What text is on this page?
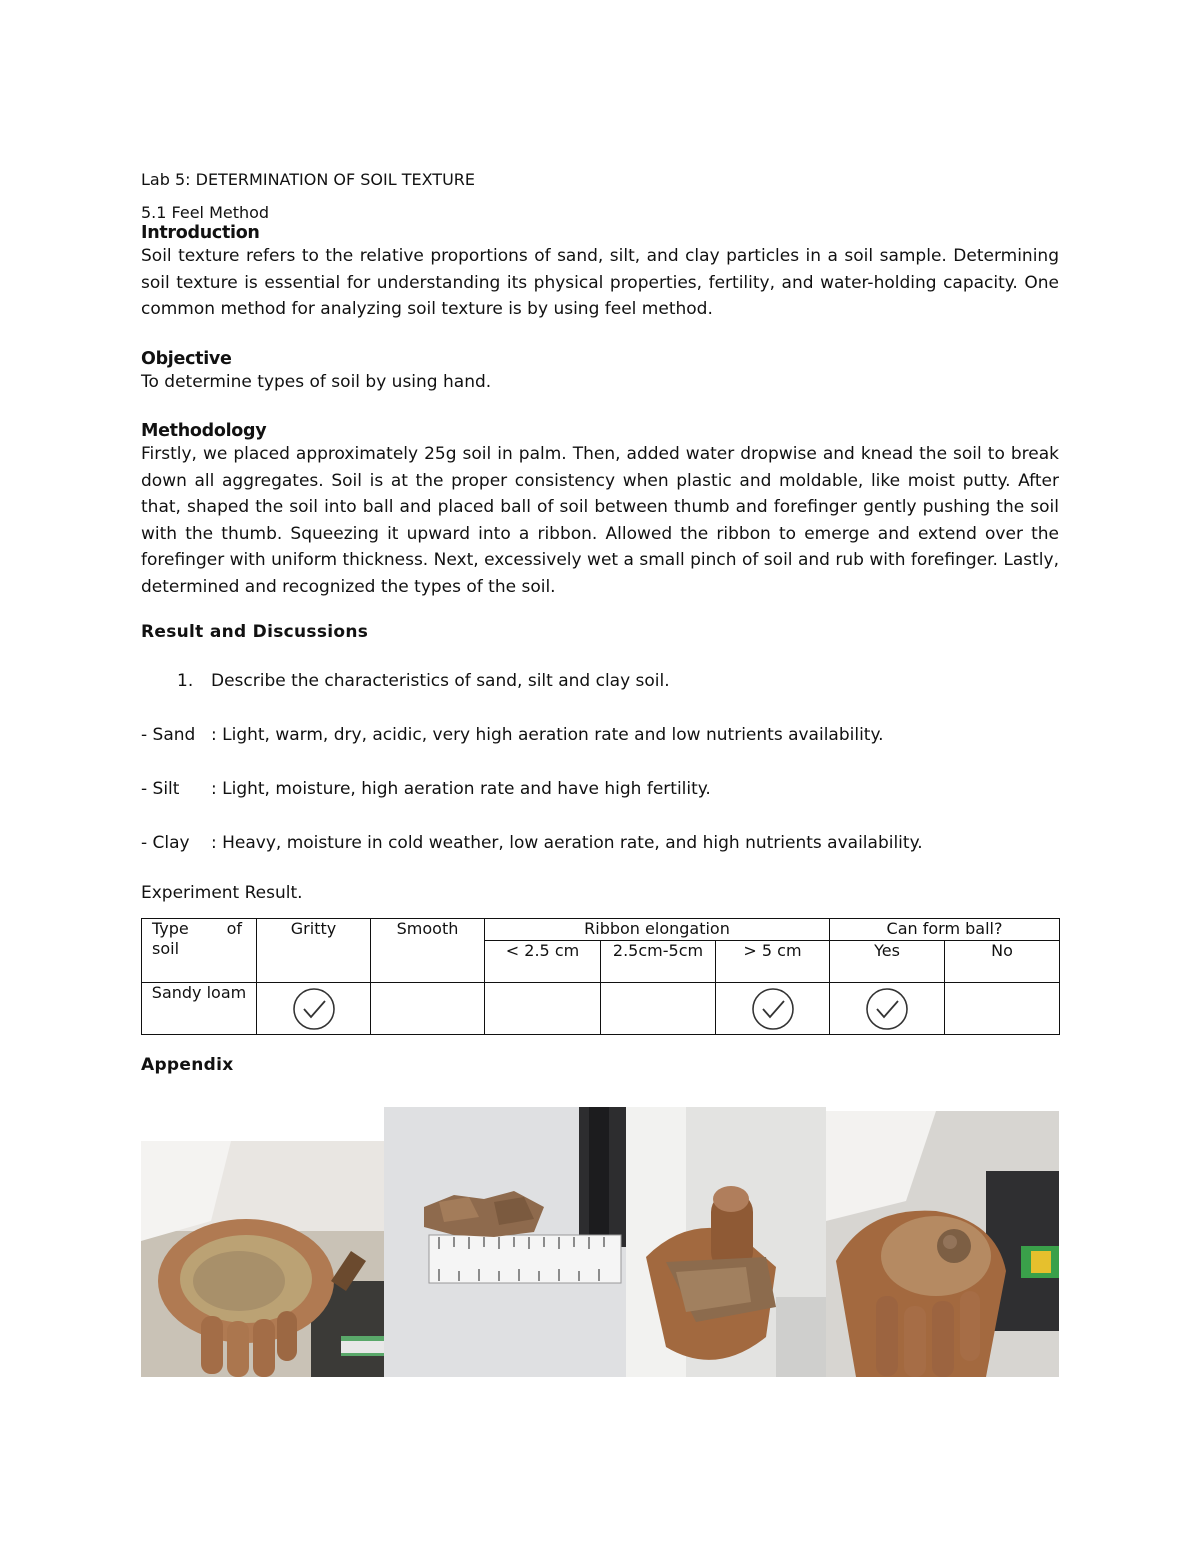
Lab 5: DETERMINATION OF SOIL TEXTURE

5.1 Feel Method

Introduction

Soil texture refers to the relative proportions of sand, silt, and clay particles in a soil sample. Determining soil texture is essential for understanding its physical properties, fertility, and water-holding capacity. One common method for analyzing soil texture is by using feel method.

Objective

To determine types of soil by using hand.

Methodology

Firstly, we placed approximately 25g soil in palm. Then, added water dropwise and knead the soil to break down all aggregates. Soil is at the proper consistency when plastic and moldable, like moist putty. After that, shaped the soil into ball and placed ball of soil between thumb and forefinger gently pushing the soil with the thumb. Squeezing it upward into a ribbon. Allowed the ribbon to emerge and extend over the forefinger with uniform thickness. Next, excessively wet a small pinch of soil and rub with forefinger. Lastly, determined and recognized the types of the soil.

Result and Discussions

1.	Describe the characteristics of sand, silt and clay soil.
- Sand : Light, warm, dry, acidic, very high aeration rate and low nutrients availability.
- Silt	: Light, moisture, high aeration rate and have high fertility.
- Clay	: Heavy, moisture in cold weather, low aeration rate, and high nutrients availability.

Experiment Result.

Type of
soil	Gritty	Smooth	Ribbon elongation			Can form ball?	
			< 2.5 cm	2.5cm-5cm	> 5 cm	Yes	No
Sandy loam	

Appendix
